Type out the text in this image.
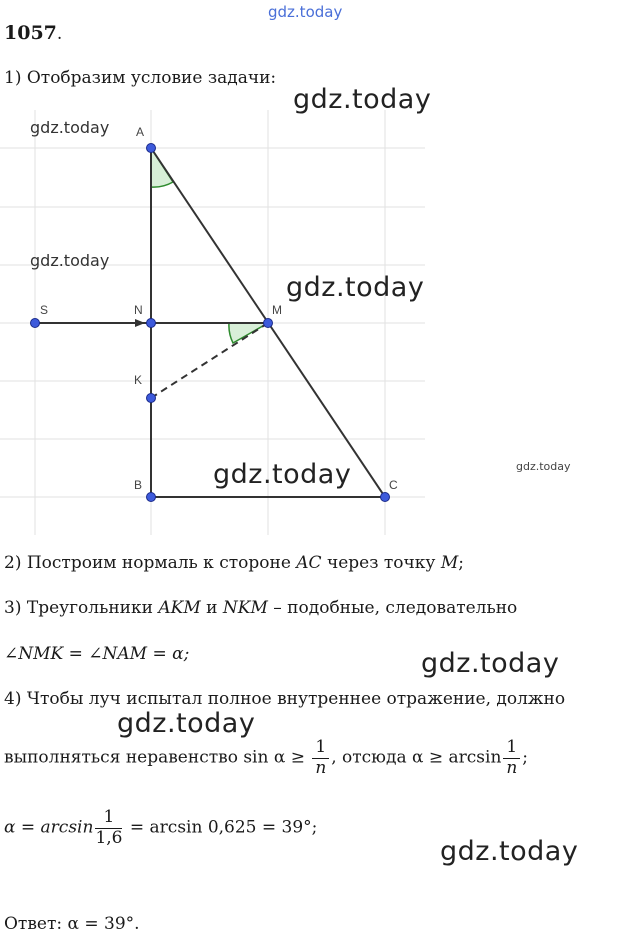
gdz.today
1057.
1) Отобразим условие задачи:
A
S	N	M
K
B	C
gdz.today
gdz.today
gdz.today
gdz.today
gdz.today	gdz.today
2) Построим нормаль к стороне AC через точку M;
3) Треугольники AKM и NKM – подобные, следовательно
∠NMK = ∠NAM = α;	gdz.today
4) Чтобы луч испытал полное внутреннее отражение, должно
gdz.today
выполняться неравенство $\sin \alpha \ge \frac{1}{n}$ , отсюда $\alpha \ge \arcsin \frac{1}{n}$ ;
$\alpha = \arcsin \frac{1}{1,6} = \arcsin 0,625 = 39^\circ$;
gdz.today
Ответ: α = 39°.
